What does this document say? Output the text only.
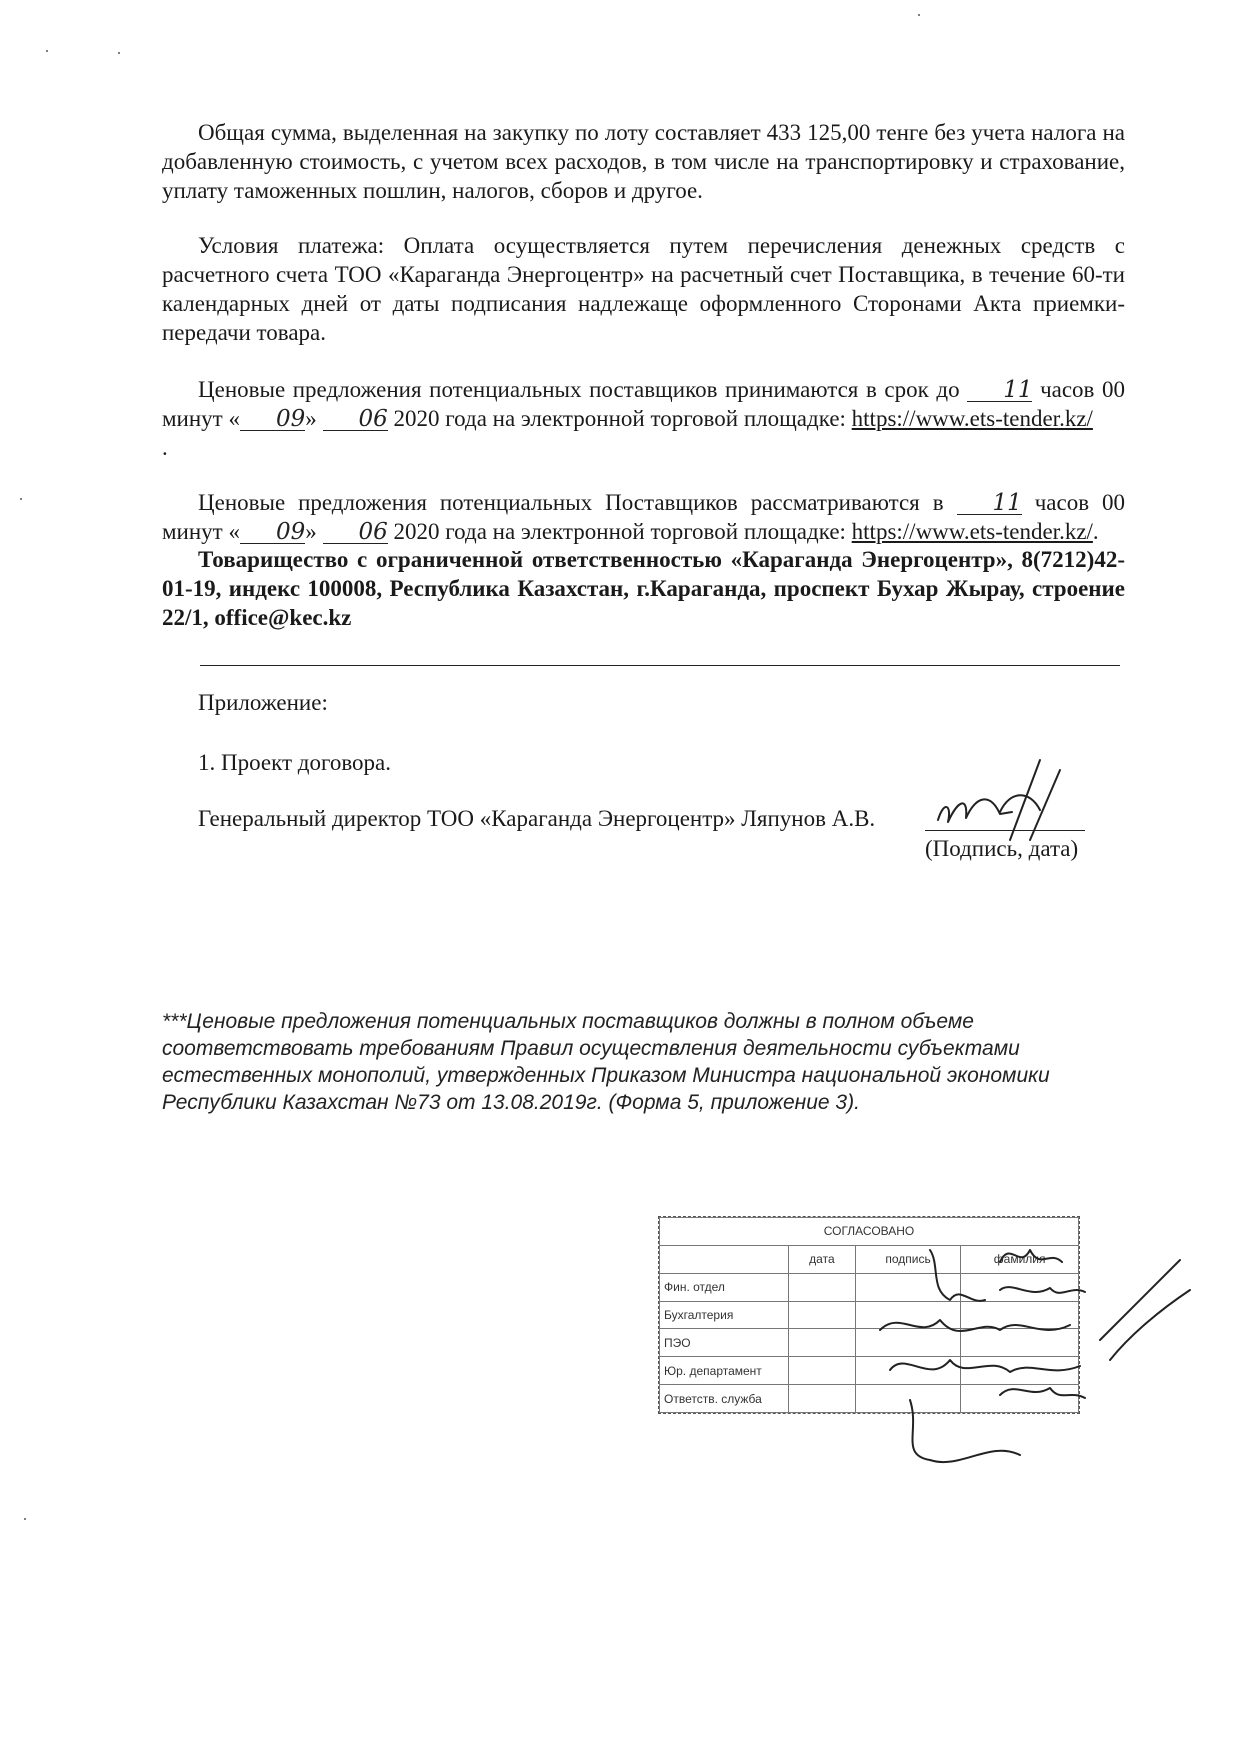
Общая сумма, выделенная на закупку по лоту составляет 433 125,00 тенге без учета налога на добавленную стоимость, с учетом всех расходов, в том числе на транспортировку и страхование, уплату таможенных пошлин, налогов, сборов и другое.

Условия платежа: Оплата осуществляется путем перечисления денежных средств с расчетного счета ТОО «Караганда Энергоцентр» на расчетный счет Поставщика, в течение 60-ти календарных дней от даты подписания надлежаще оформленного Сторонами Акта приемки-передачи товара.

Ценовые предложения потенциальных поставщиков принимаются в срок до 11 часов 00 минут « 09» 06 2020 года на электронной торговой площадке: https://www.ets-tender.kz/
.

Ценовые предложения потенциальных Поставщиков рассматриваются в 11 часов 00 минут « 09» 06 2020 года на электронной торговой площадке: https://www.ets-tender.kz/.

Товарищество с ограниченной ответственностью «Караганда Энергоцентр», 8(7212)42-01-19, индекс 100008, Республика Казахстан, г.Караганда, проспект Бухар Жырау, строение 22/1, office@kec.kz

Приложение:

1. Проект договора.

Генеральный директор ТОО «Караганда Энергоцентр» Ляпунов А.В.

(Подпись, дата)

***Ценовые предложения потенциальных поставщиков должны в полном объеме соответствовать требованиям Правил осуществления деятельности субъектами естественных монополий, утвержденных Приказом Министра национальной экономики Республики Казахстан №73 от 13.08.2019г. (Форма 5, приложение 3).

СОГЛАСОВАНО			
	дата	подпись	фамилия
Фин. отдел			
Бухгалтерия			
ПЭО			
Юр. департамент			
Ответств. служба			
